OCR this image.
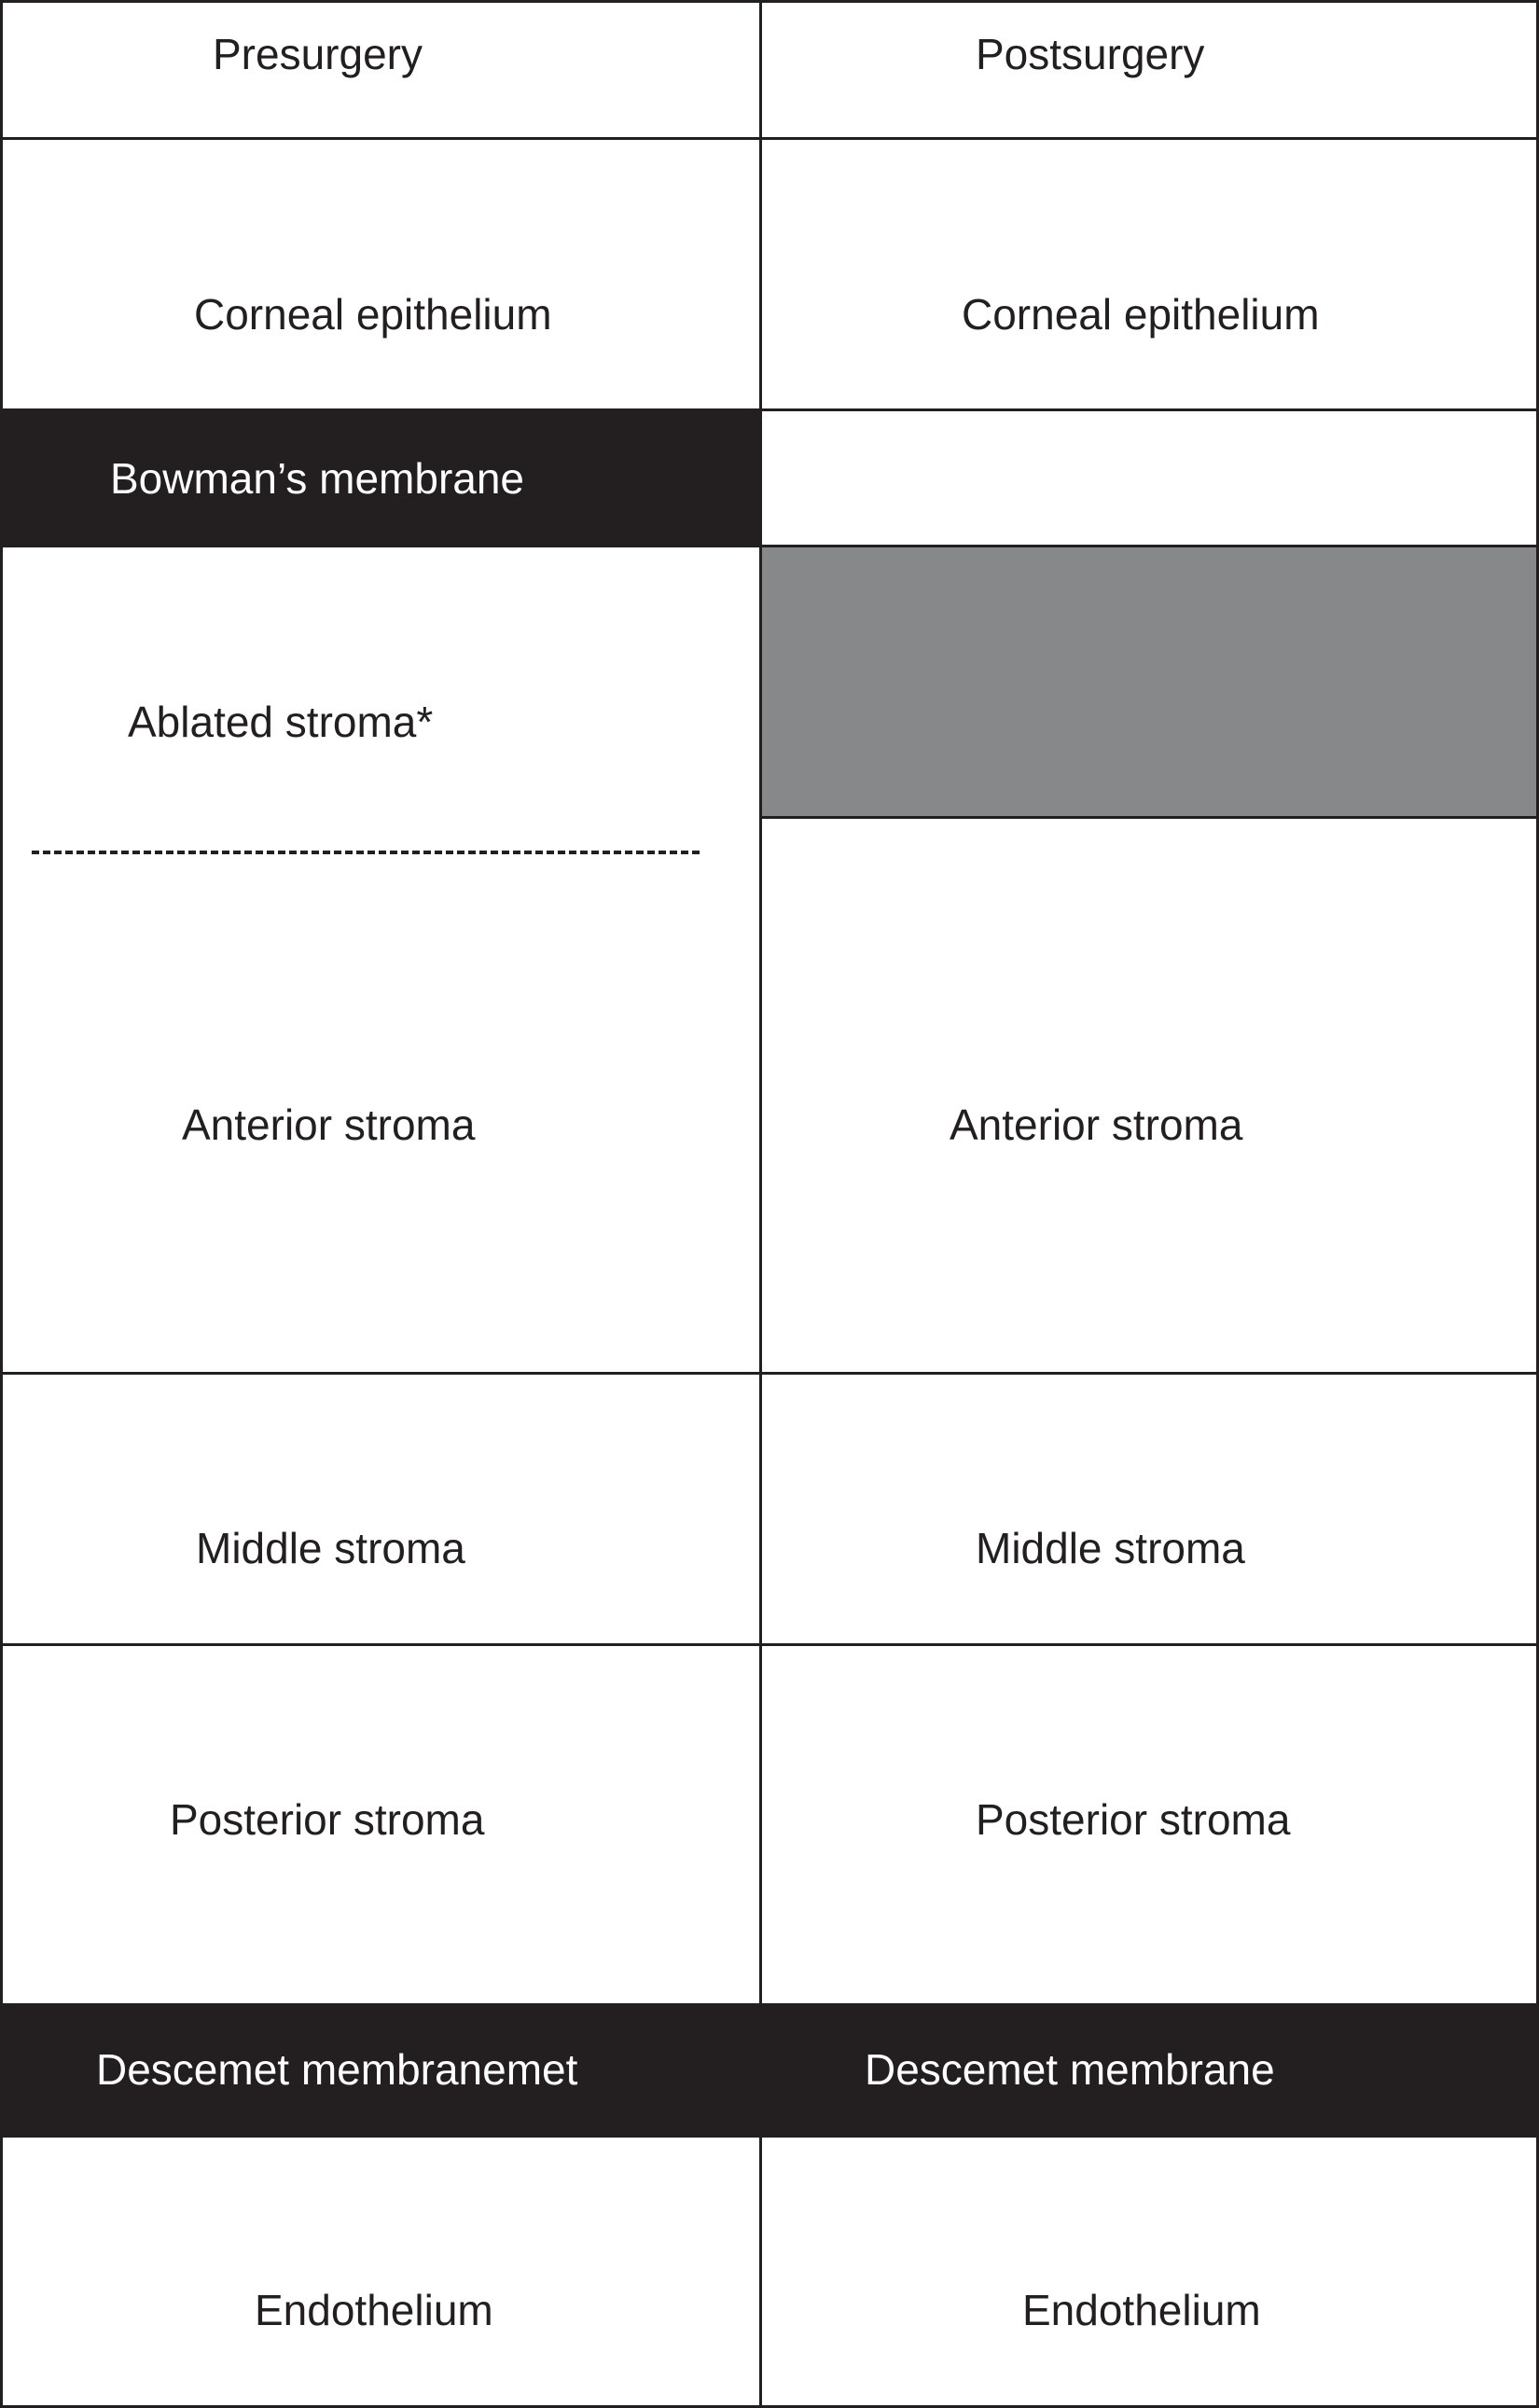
Presurgery	Postsurgery
Corneal epithelium
Bowman’s membrane
Ablated stroma*
Anterior stroma
Middle stroma
Posterior stroma
Descemet membranemet
Endothelium
Corneal epithelium
Anterior stroma
Middle stroma
Posterior stroma
Descemet membrane
Endothelium
